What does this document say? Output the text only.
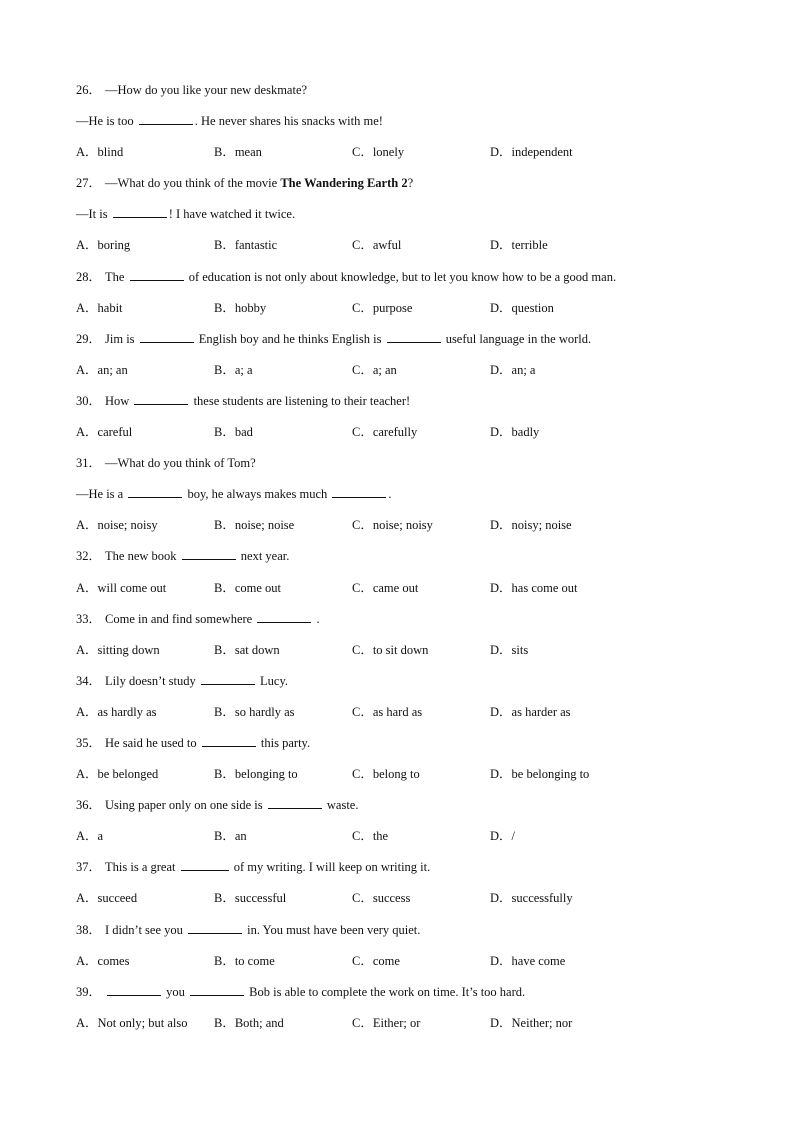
26． —How do you like your new deskmate?
—He is too	. He never shares his snacks with me!
A．blind	B．mean	C．lonely	D．independent
27． —What do you think of the movie The Wandering Earth 2?
—It is	! I have watched it twice.
A．boring	B．fantastic	C．awful	D．terrible
28． The	of education is not only about knowledge, but to let you know how to be a good man.
A．habit	B．hobby	C．purpose	D．question
29． Jim is	English boy and he thinks English is	useful language in the world.
A．an; an	B．a; a	C．a; an	D．an; a
30． How	these students are listening to their teacher!
A．careful	B．bad	C．carefully	D．badly
31． —What do you think of Tom?
—He is a	boy, he always makes much	.
A．noise; noisy	B．noise; noise	C．noise; noisy	D．noisy; noise
32． The new book	next year.
A．will come out	B．come out	C．came out	D．has come out
33． Come in and find somewhere	.
A．sitting down	B．sat down	C．to sit down	D．sits
34． Lily doesn’t study	Lucy.
A．as hardly as	B．so hardly as	C．as hard as	D．as harder as
35． He said he used to	this party.
A．be belonged	B．belonging to	C．belong to	D．be belonging to
36． Using paper only on one side is	waste.
A．a	B．an	C．the	D．/
37． This is a great	of my writing. I will keep on writing it.
A．succeed	B．successful	C．success	D．successfully
38． I didn’t see you	in. You must have been very quiet.
A．comes	B．to come	C．come	D．have come
39．	you	Bob is able to complete the work on time. It’s too hard.
A．Not only; but also	B．Both; and	C．Either; or	D．Neither; nor
